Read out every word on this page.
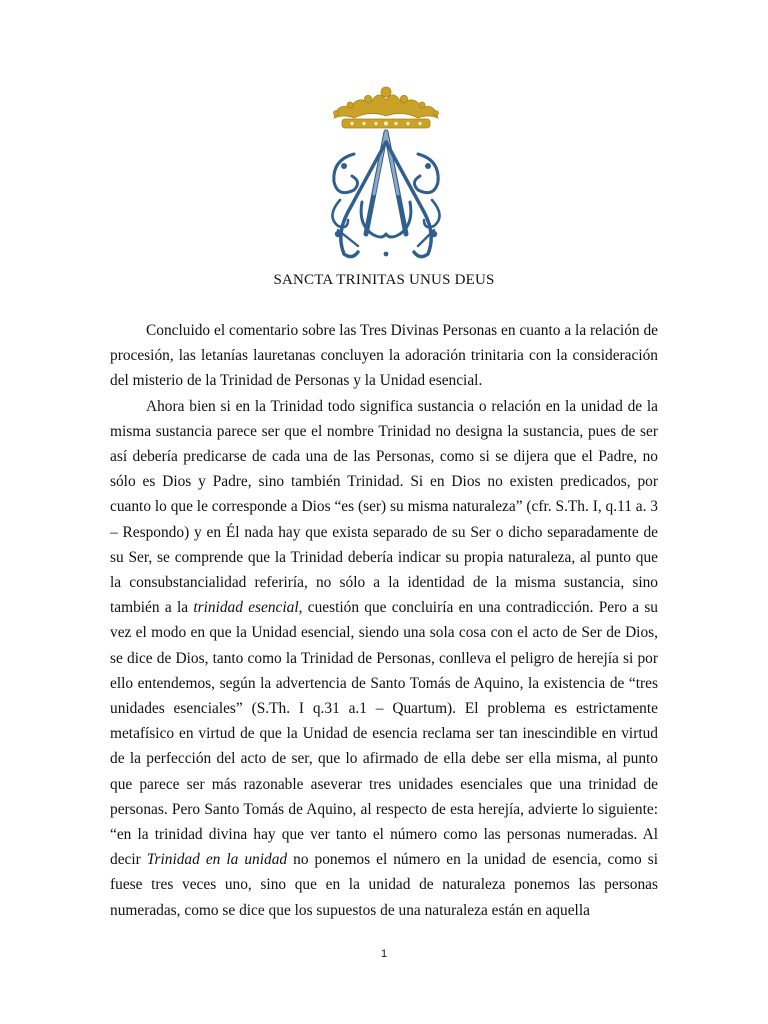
SANCTA TRINITAS UNUS DEUS

Concluido el comentario sobre las Tres Divinas Personas en cuanto a la relación de procesión, las letanías lauretanas concluyen la adoración trinitaria con la consideración del misterio de la Trinidad de Personas y la Unidad esencial.

Ahora bien si en la Trinidad todo significa sustancia o relación en la unidad de la misma sustancia parece ser que el nombre Trinidad no designa la sustancia, pues de ser así debería predicarse de cada una de las Personas, como si se dijera que el Padre, no sólo es Dios y Padre, sino también Trinidad. Si en Dios no existen predicados, por cuanto lo que le corresponde a Dios “es (ser) su misma naturaleza” (cfr. S.Th. I, q.11 a. 3 – Respondo) y en Él nada hay que exista separado de su Ser o dicho separadamente de su Ser, se comprende que la Trinidad debería indicar su propia naturaleza, al punto que la consubstancialidad referiría, no sólo a la identidad de la misma sustancia, sino también a la trinidad esencial, cuestión que concluiría en una contradicción. Pero a su vez el modo en que la Unidad esencial, siendo una sola cosa con el acto de Ser de Dios, se dice de Dios, tanto como la Trinidad de Personas, conlleva el peligro de herejía si por ello entendemos, según la advertencia de Santo Tomás de Aquino, la existencia de “tres unidades esenciales” (S.Th. I q.31 a.1 – Quartum). El problema es estrictamente metafísico en virtud de que la Unidad de esencia reclama ser tan inescindible en virtud de la perfección del acto de ser, que lo afirmado de ella debe ser ella misma, al punto que parece ser más razonable aseverar tres unidades esenciales que una trinidad de personas. Pero Santo Tomás de Aquino, al respecto de esta herejía, advierte lo siguiente: “en la trinidad divina hay que ver tanto el número como las personas numeradas. Al decir Trinidad en la unidad no ponemos el número en la unidad de esencia, como si fuese tres veces uno, sino que en la unidad de naturaleza ponemos las personas numeradas, como se dice que los supuestos de una naturaleza están en aquella

1
